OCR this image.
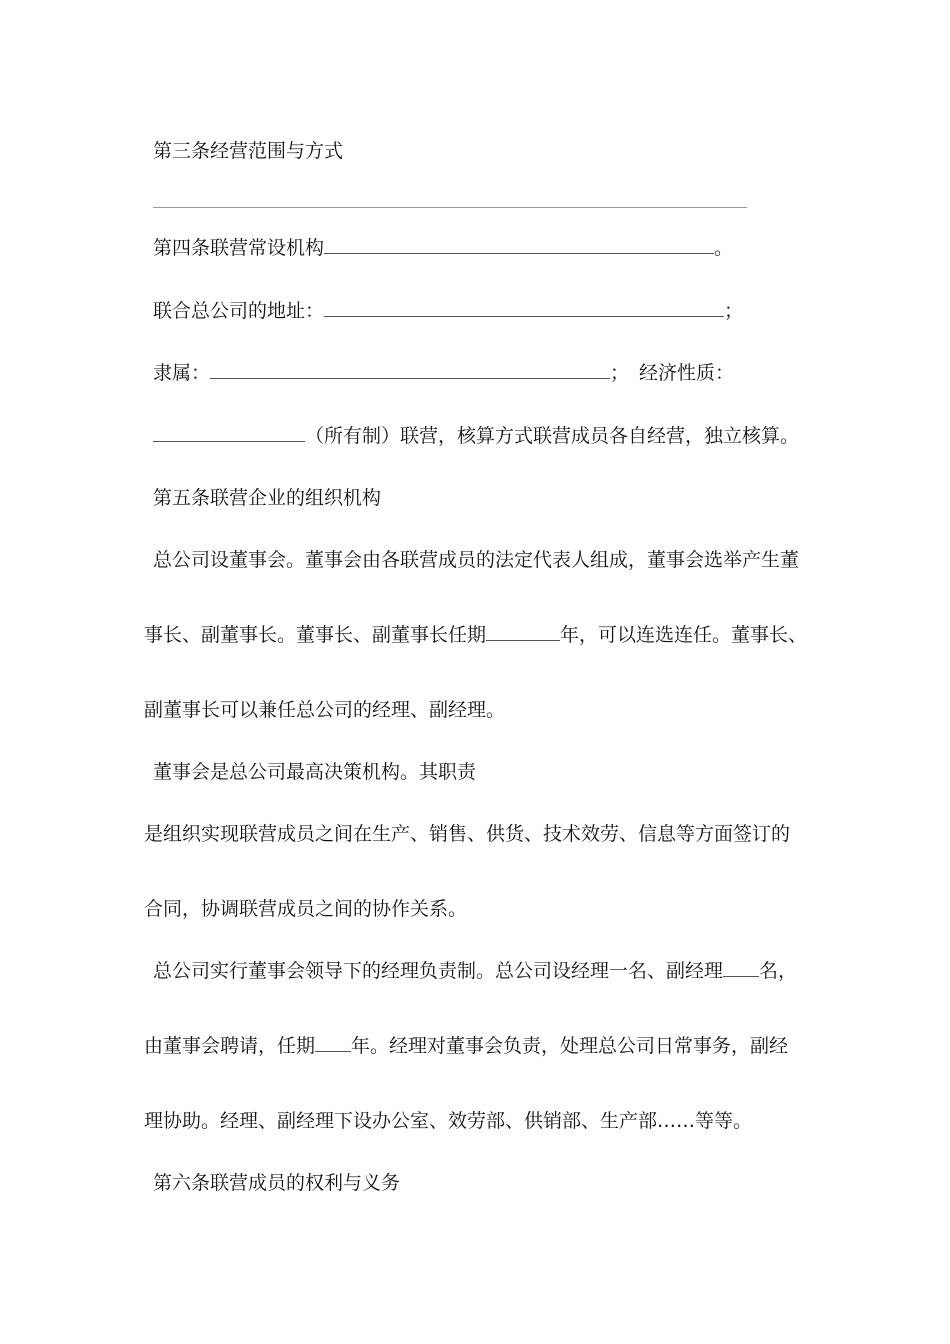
第三条经营范围与方式
第四条联营常设机构	。
联合总公司的地址：	；
隶属：	； 经济性质：
（所有制）联营，核算方式联营成员各自经营，独立核算。
第五条联营企业的组织机构
总公司设董事会。董事会由各联营成员的法定代表人组成，董事会选举产生董
事长、副董事长。董事长、副董事长任期	年，可以连选连任。董事长、
副董事长可以兼任总公司的经理、副经理。
董事会是总公司最高决策机构。其职责
是组织实现联营成员之间在生产、销售、供货、技术效劳、信息等方面签订的
合同，协调联营成员之间的协作关系。
总公司实行董事会领导下的经理负责制。总公司设经理一名、副经理 名，
由董事会聘请，任期 年。经理对董事会负责，处理总公司日常事务，副经
理协助。经理、副经理下设办公室、效劳部、供销部、生产部……等等。
第六条联营成员的权利与义务
